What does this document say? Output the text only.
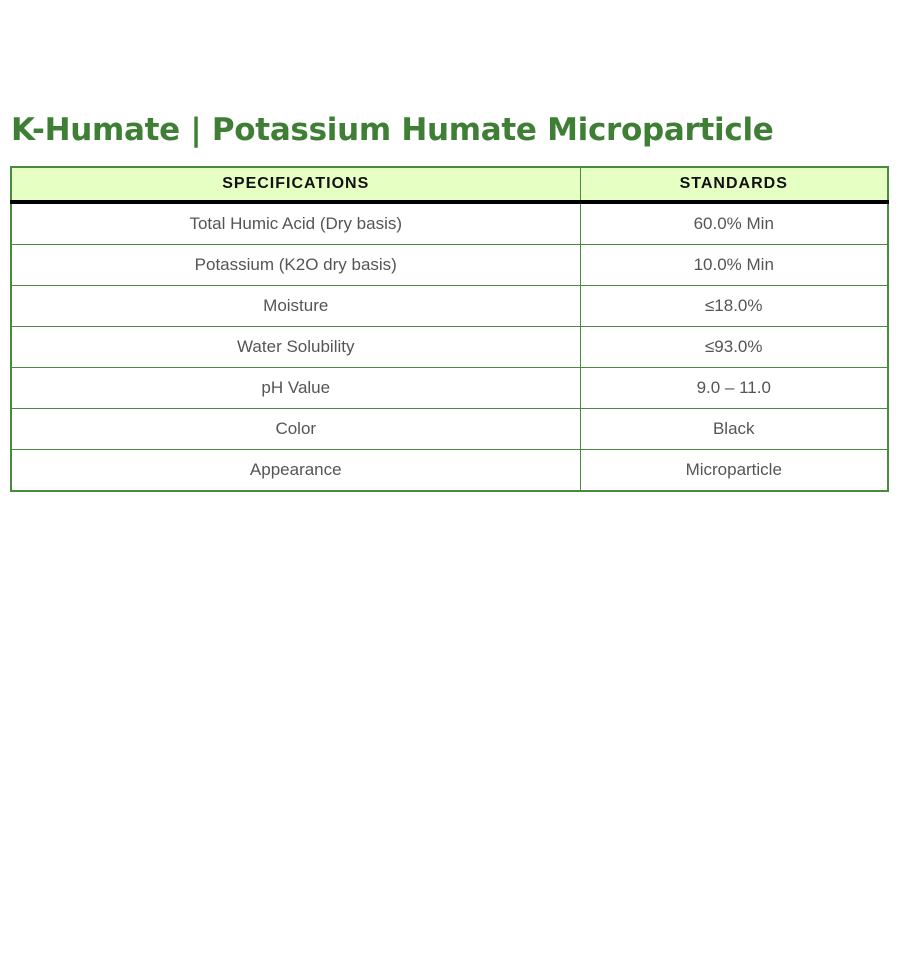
K-Humate | Potassium Humate Microparticle
SPECIFICATIONS	STANDARDS
Total Humic Acid (Dry basis)	60.0% Min
Potassium (K2O dry basis)	10.0% Min
Moisture	≤18.0%
Water Solubility	≤93.0%
pH Value	9.0 – 11.0
Color	Black
Appearance	Microparticle
